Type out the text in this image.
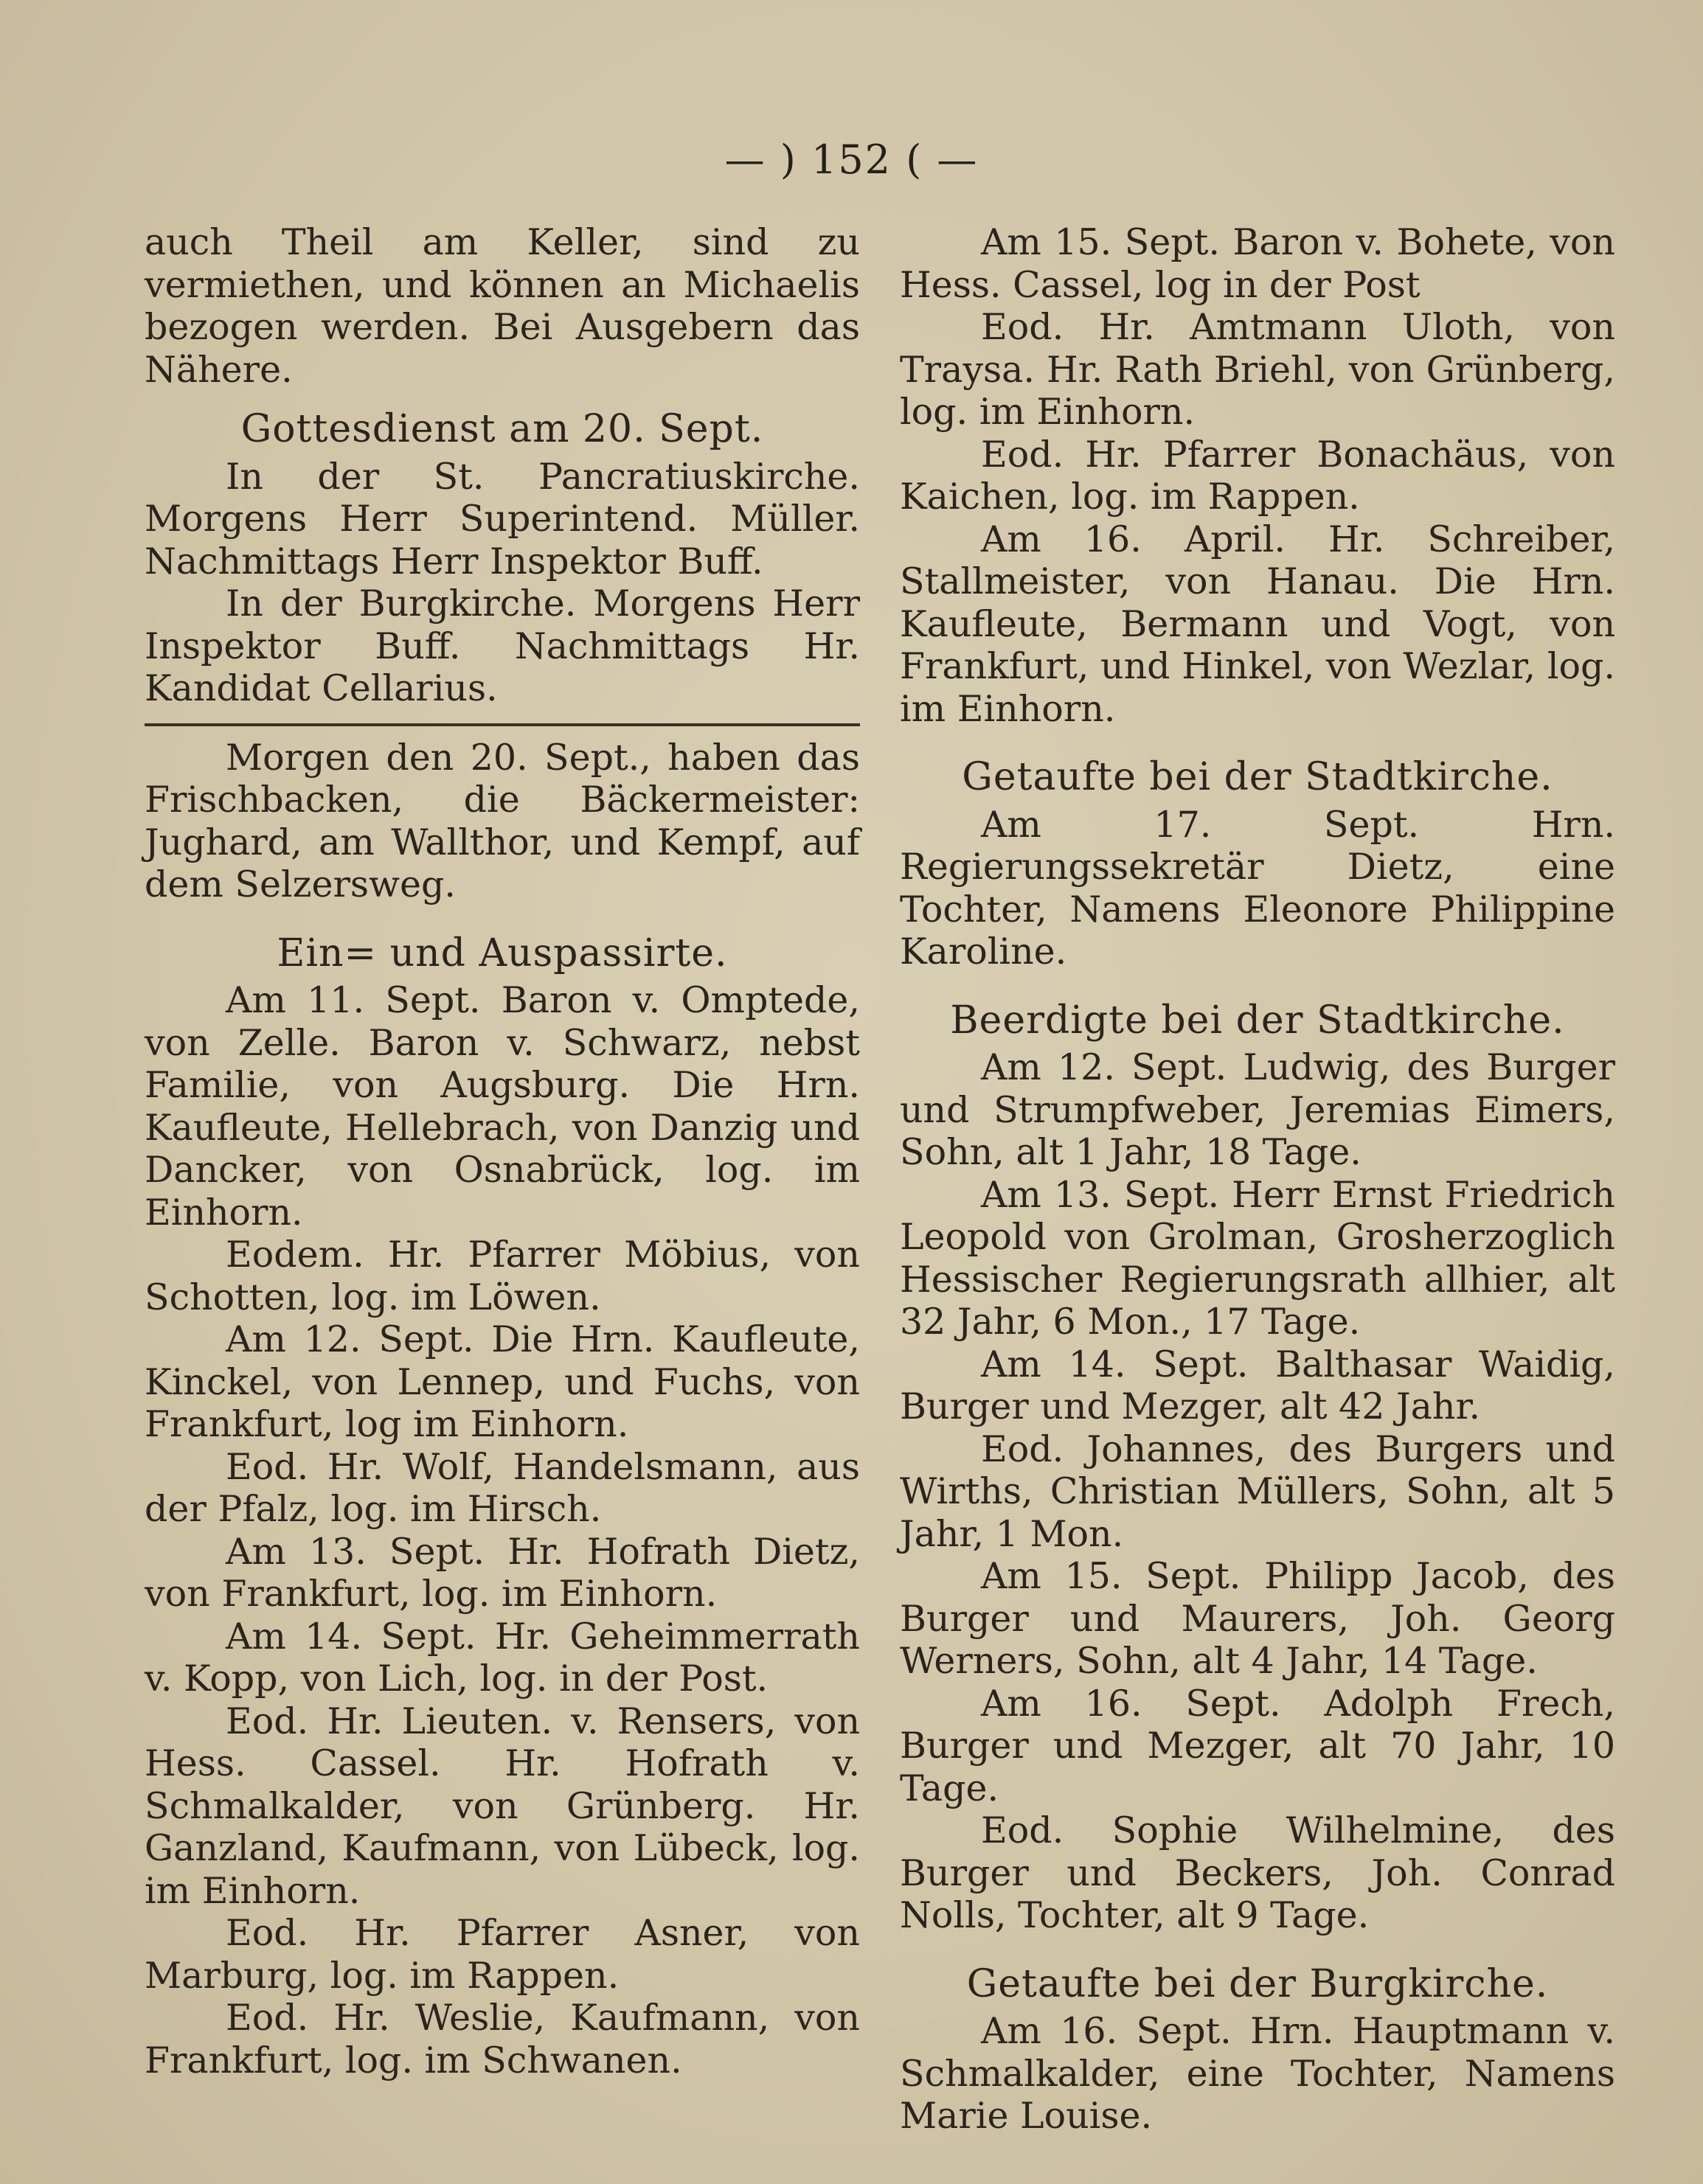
— ) 152 ( —

auch Theil am Keller, sind zu vermiethen, und können an Michaelis bezogen werden. Bei Ausgebern das Nähere.

Gottesdienst am 20. Sept.

In der St. Pancratiuskirche. Morgens Herr Superintend. Müller. Nachmittags Herr Inspektor Buff.

In der Burgkirche. Morgens Herr Inspektor Buff. Nachmittags Hr. Kandidat Cellarius.

Morgen den 20. Sept., haben das Frischbacken, die Bäckermeister: Jughard, am Wallthor, und Kempf, auf dem Selzersweg.

Ein= und Auspassirte.

Am 11. Sept. Baron v. Omptede, von Zelle. Baron v. Schwarz, nebst Familie, von Augsburg. Die Hrn. Kaufleute, Hellebrach, von Danzig und Dancker, von Osnabrück, log. im Einhorn.

Eodem. Hr. Pfarrer Möbius, von Schotten, log. im Löwen.

Am 12. Sept. Die Hrn. Kaufleute, Kinckel, von Lennep, und Fuchs, von Frankfurt, log im Einhorn.

Eod. Hr. Wolf, Handelsmann, aus der Pfalz, log. im Hirsch.

Am 13. Sept. Hr. Hofrath Dietz, von Frankfurt, log. im Einhorn.

Am 14. Sept. Hr. Geheimmerrath v. Kopp, von Lich, log. in der Post.

Eod. Hr. Lieuten. v. Rensers, von Hess. Cassel. Hr. Hofrath v. Schmalkalder, von Grünberg. Hr. Ganzland, Kaufmann, von Lübeck, log. im Einhorn.

Eod. Hr. Pfarrer Asner, von Marburg, log. im Rappen.

Eod. Hr. Weslie, Kaufmann, von Frankfurt, log. im Schwanen.

Am 15. Sept. Baron v. Bohete, von Hess. Cassel, log in der Post

Eod. Hr. Amtmann Uloth, von Traysa. Hr. Rath Briehl, von Grünberg, log. im Einhorn.

Eod. Hr. Pfarrer Bonachäus, von Kaichen, log. im Rappen.

Am 16. April. Hr. Schreiber, Stallmeister, von Hanau. Die Hrn. Kaufleute, Bermann und Vogt, von Frankfurt, und Hinkel, von Wezlar, log. im Einhorn.

Getaufte bei der Stadtkirche.

Am 17. Sept. Hrn. Regierungssekretär Dietz, eine Tochter, Namens Eleonore Philippine Karoline.

Beerdigte bei der Stadtkirche.

Am 12. Sept. Ludwig, des Burger und Strumpfweber, Jeremias Eimers, Sohn, alt 1 Jahr, 18 Tage.

Am 13. Sept. Herr Ernst Friedrich Leopold von Grolman, Grosherzoglich Hessischer Regierungsrath allhier, alt 32 Jahr, 6 Mon., 17 Tage.

Am 14. Sept. Balthasar Waidig, Burger und Mezger, alt 42 Jahr.

Eod. Johannes, des Burgers und Wirths, Christian Müllers, Sohn, alt 5 Jahr, 1 Mon.

Am 15. Sept. Philipp Jacob, des Burger und Maurers, Joh. Georg Werners, Sohn, alt 4 Jahr, 14 Tage.

Am 16. Sept. Adolph Frech, Burger und Mezger, alt 70 Jahr, 10 Tage.

Eod. Sophie Wilhelmine, des Burger und Beckers, Joh. Conrad Nolls, Tochter, alt 9 Tage.

Getaufte bei der Burgkirche.

Am 16. Sept. Hrn. Hauptmann v. Schmalkalder, eine Tochter, Namens Marie Louise.
